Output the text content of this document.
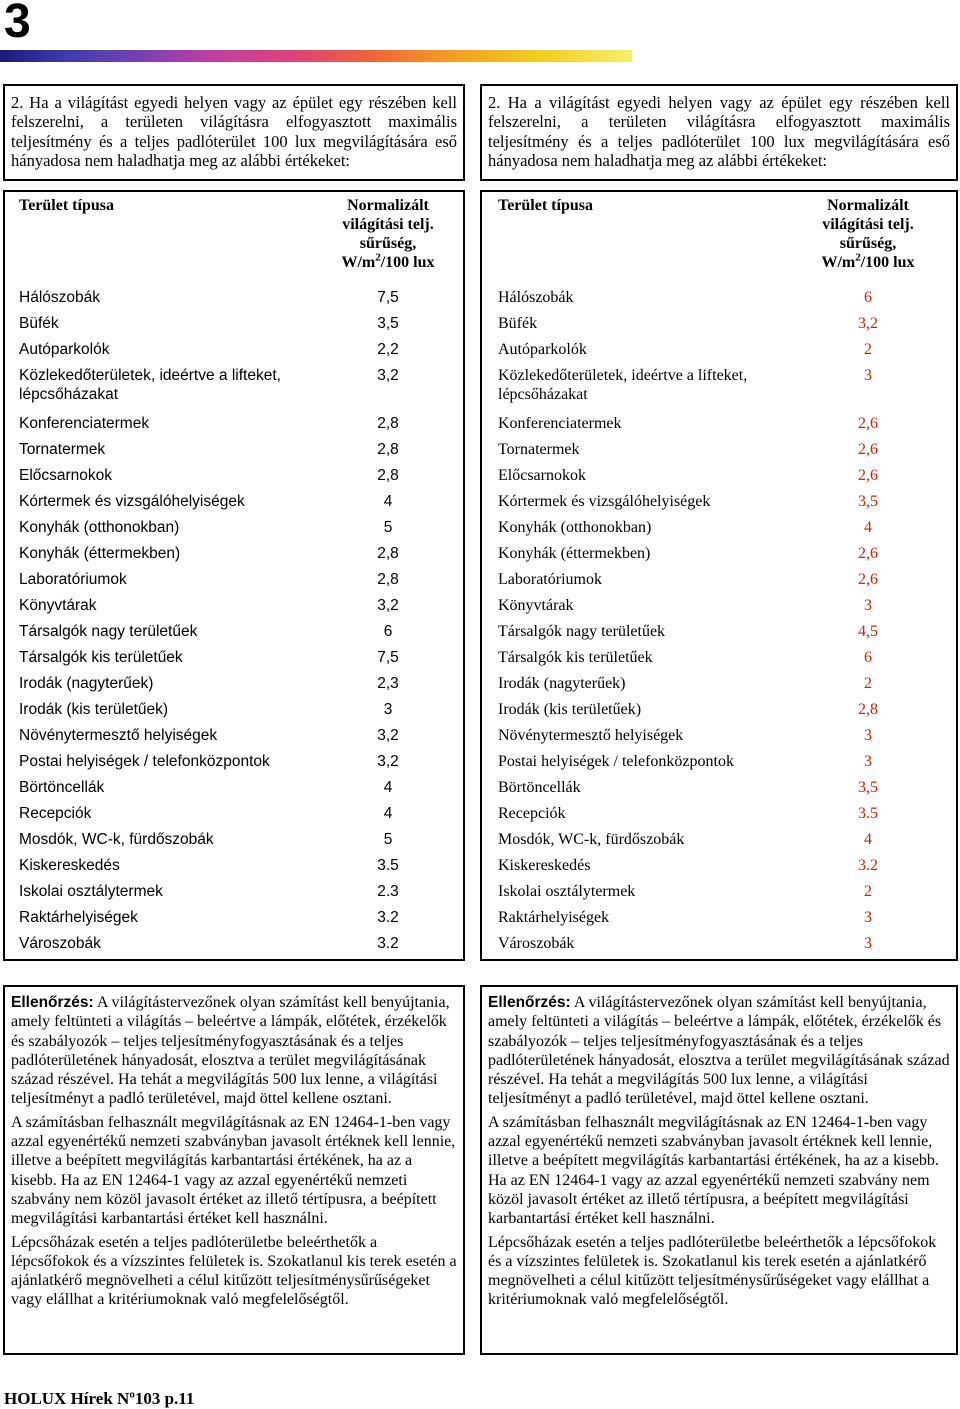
3

2. Ha a világítást egyedi helyen vagy az épület egy részében kell felszerelni, a területen világításra elfogyasztott maximális teljesítmény és a teljes padlóterület 100 lux megvilágítására eső hányadosa nem haladhatja meg az alábbi értékeket:

2. Ha a világítást egyedi helyen vagy az épület egy részében kell felszerelni, a területen világításra elfogyasztott maximális teljesítmény és a teljes padlóterület 100 lux megvilágítására eső hányadosa nem haladhatja meg az alábbi értékeket:

Terület típusa	Normalizált
világítási telj.
sűrűség,
$W/m^2/100$ lux

Hálószobák	7,5
Büfék	3,5
Autóparkolók	2,2
Közlekedőterületek, ideértve a lifteket, lépcsőházakat	3,2
Konferenciatermek	2,8
Tornatermek	2,8
Előcsarnokok	2,8
Kórtermek és vizsgálóhelyiségek	4
Konyhák (otthonokban)	5
Konyhák (éttermekben)	2,8
Laboratóriumok	2,8
Könyvtárak	3,2
Társalgók nagy területűek	6
Társalgók kis területűek	7,5
Irodák (nagyterűek)	2,3
Irodák (kis területűek)	3
Növénytermesztő helyiségek	3,2
Postai helyiségek / telefonközpontok	3,2
Börtöncellák	4
Recepciók	4
Mosdók, WC-k, fürdőszobák	5
Kiskereskedés	3.5
Iskolai osztálytermek	2.3
Raktárhelyiségek	3.2
Városzobák	3.2
Terület típusa	Normalizált
világítási telj.
sűrűség,
$W/m^2/100$ lux

Hálószobák	6
Büfék	3,2
Autóparkolók	2
Közlekedőterületek, ideértve a lifteket, lépcsőházakat	3
Konferenciatermek	2,6
Tornatermek	2,6
Előcsarnokok	2,6
Kórtermek és vizsgálóhelyiségek	3,5
Konyhák (otthonokban)	4
Konyhák (éttermekben)	2,6
Laboratóriumok	2,6
Könyvtárak	3
Társalgók nagy területűek	4,5
Társalgók kis területűek	6
Irodák (nagyterűek)	2
Irodák (kis területűek)	2,8
Növénytermesztő helyiségek	3
Postai helyiségek / telefonközpontok	3
Börtöncellák	3,5
Recepciók	3.5
Mosdók, WC-k, fürdőszobák	4
Kiskereskedés	3.2
Iskolai osztálytermek	2
Raktárhelyiségek	3
Városzobák	3

Ellenőrzés: A világítástervezőnek olyan számítást kell benyújtania, amely feltünteti a világítás – beleértve a lámpák, előtétek, érzékelők és szabályozók – teljes teljesítményfogyasztásának és a teljes padlóterületének hányadosát, elosztva a terület megvilágításának század részével. Ha tehát a megvilágítás 500 lux lenne, a világítási teljesítményt a padló területével, majd öttel kellene osztani.

A számításban felhasznált megvilágításnak az EN 12464-1-ben vagy azzal egyenértékű nemzeti szabványban javasolt értéknek kell lennie, illetve a beépített megvilágítás karbantartási értékének, ha az a kisebb. Ha az EN 12464-1 vagy az azzal egyenértékű nemzeti szabvány nem közöl javasolt értéket az illető tértípusra, a beépített megvilágítási karbantartási értéket kell használni.

Lépcsőházak esetén a teljes padlóterületbe beleérthetők a lépcsőfokok és a vízszintes felületek is. Szokatlanul kis terek esetén a ajánlatkérő megnövelheti a célul kitűzött teljesítménysűrűségeket vagy elállhat a kritériumoknak való megfelelőségtől.

Ellenőrzés: A világítástervezőnek olyan számítást kell benyújtania, amely feltünteti a világítás – beleértve a lámpák, előtétek, érzékelők és szabályozók – teljes teljesítményfogyasztásának és a teljes padlóterületének hányadosát, elosztva a terület megvilágításának század részével. Ha tehát a megvilágítás 500 lux lenne, a világítási teljesítményt a padló területével, majd öttel kellene osztani.

A számításban felhasznált megvilágításnak az EN 12464-1-ben vagy azzal egyenértékű nemzeti szabványban javasolt értéknek kell lennie, illetve a beépített megvilágítás karbantartási értékének, ha az a kisebb. Ha az EN 12464-1 vagy az azzal egyenértékű nemzeti szabvány nem közöl javasolt értéket az illető tértípusra, a beépített megvilágítási karbantartási értéket kell használni.

Lépcsőházak esetén a teljes padlóterületbe beleérthetők a lépcsőfokok és a vízszintes felületek is. Szokatlanul kis terek esetén a ajánlatkérő megnövelheti a célul kitűzött teljesítménysűrűségeket vagy elállhat a kritériumoknak való megfelelőségtől.

HOLUX Hírek $N^o103$ p.11
